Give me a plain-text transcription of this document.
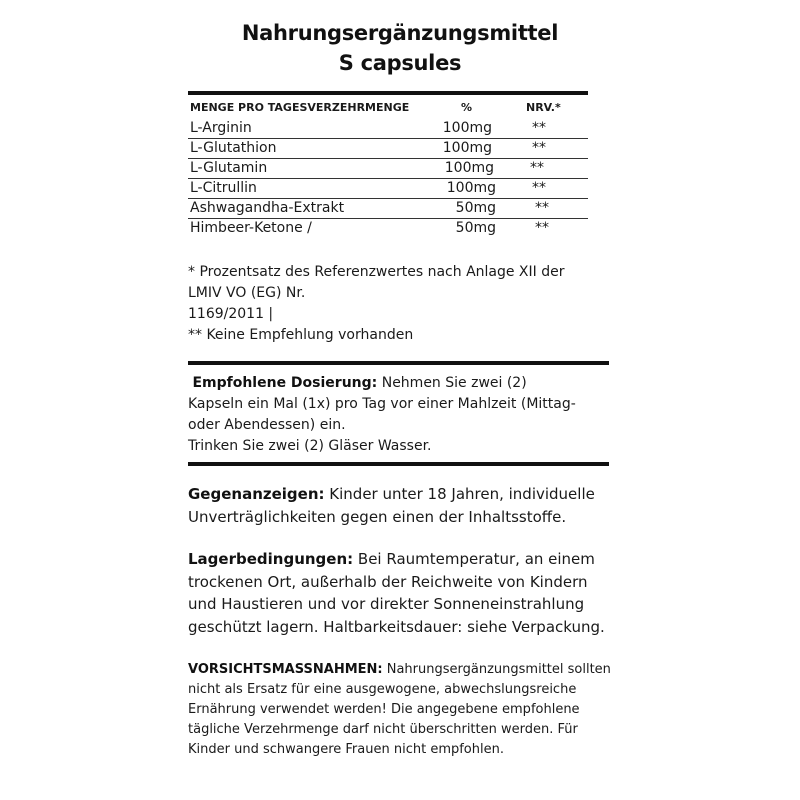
Nahrungsergänzungsmittel
S capsules
MENGE PRO TAGESVERZEHRMENGE	%	NRV.*
L-Arginin	100mg	**
L-Glutathion	100mg	**
L-Glutamin	100mg	**
L-Citrullin	100mg	**
Ashwagandha-Extrakt	50mg	**
Himbeer-Ketone /	50mg	**
* Prozentsatz des Referenzwertes nach Anlage XII der
LMIV VO (EG) Nr.
1169/2011 |
** Keine Empfehlung vorhanden
Empfohlene Dosierung: Nehmen Sie zwei (2)
Kapseln ein Mal (1x) pro Tag vor einer Mahlzeit (Mittag-
oder Abendessen) ein.
Trinken Sie zwei (2) Gläser Wasser.
Gegenanzeigen: Kinder unter 18 Jahren, individuelle
Unverträglichkeiten gegen einen der Inhaltsstoffe.
Lagerbedingungen: Bei Raumtemperatur, an einem
trockenen Ort, außerhalb der Reichweite von Kindern
und Haustieren und vor direkter Sonneneinstrahlung
geschützt lagern. Haltbarkeitsdauer: siehe Verpackung.
VORSICHTSMASSNAHMEN: Nahrungsergänzungsmittel sollten
nicht als Ersatz für eine ausgewogene, abwechslungsreiche
Ernährung verwendet werden! Die angegebene empfohlene
tägliche Verzehrmenge darf nicht überschritten werden. Für
Kinder und schwangere Frauen nicht empfohlen.
